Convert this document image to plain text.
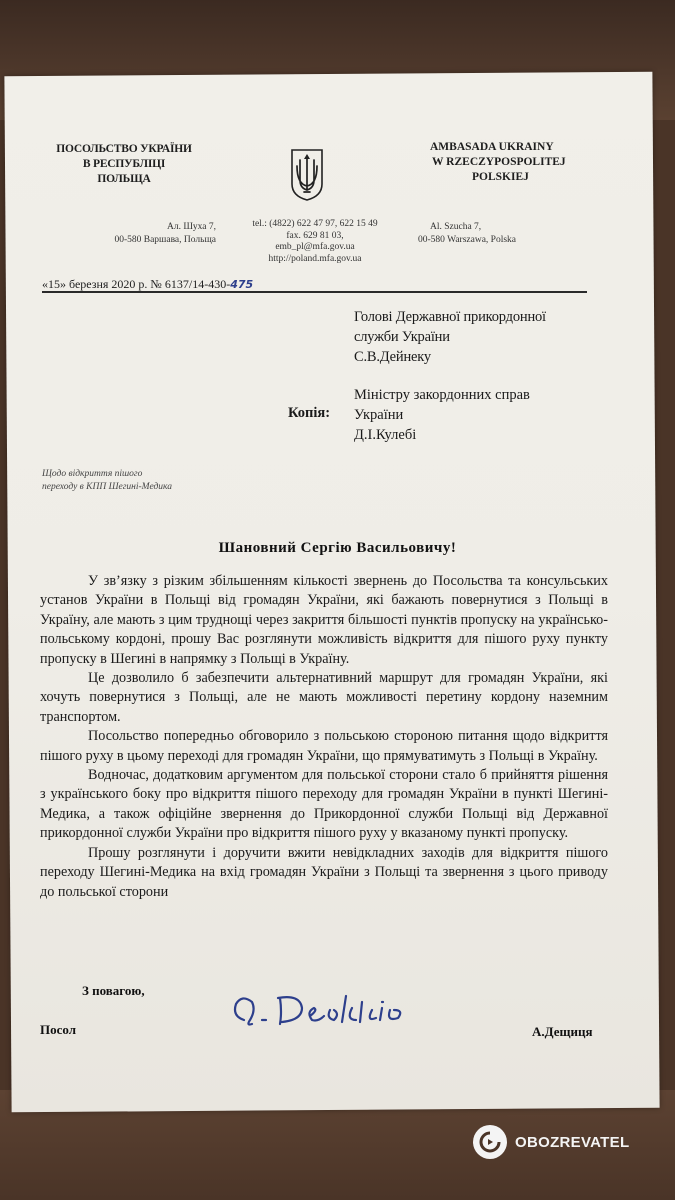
ПОСОЛЬСТВО УКРАЇНИ
В РЕСПУБЛІЦІ
ПОЛЬЩА
AMBASADA UKRAINY
W RZECZYPOSPOLITEJ
POLSKIEJ
Ал. Шуха 7,
00-580 Варшава, Польща
tel.: (4822) 622 47 97, 622 15 49
fax. 629 81 03,
emb_pl@mfa.gov.ua
http://poland.mfa.gov.ua
Al. Szucha 7,
00-580 Warszawa, Polska
«15» березня 2020 р. № 6137/14-430-475
Голові Державної прикордонної
служби України
С.В.Дейнеку
Копія:
Міністру закордонних справ
України
Д.І.Кулебі
Щодо відкриття пішого
переходу в КПП Шегині-Медика
Шановний Сергію Васильовичу!

У зв’язку з різким збільшенням кількості звернень до Посольства та консульських установ України в Польщі від громадян України, які бажають повернутися з Польщі в Україну, але мають з цим труднощі через закриття більшості пунктів пропуску на українсько-польському кордоні, прошу Вас розглянути можливість відкриття для пішого руху пункту пропуску в Шегині в напрямку з Польщі в Україну.

Це дозволило б забезпечити альтернативний маршрут для громадян України, які хочуть повернутися з Польщі, але не мають можливості перетину кордону наземним транспортом.

Посольство попередньо обговорило з польською стороною питання щодо відкриття пішого руху в цьому переході для громадян України, що прямуватимуть з Польщі в Україну.

Водночас, додатковим аргументом для польської сторони стало б прийняття рішення з українського боку про відкриття пішого переходу для громадян України в пункті Шегині-Медика, а також офіційне звернення до Прикордонної служби Польщі від Державної прикордонної служби України про відкриття пішого руху у вказаному пункті пропуску.

Прошу розглянути і доручити вжити невідкладних заходів для відкриття пішого переходу Шегині-Медика на вхід громадян України з Польщі та звернення з цього приводу до польської сторони

З повагою,
Посол	А.Дещиця
OBOZREVATEL
